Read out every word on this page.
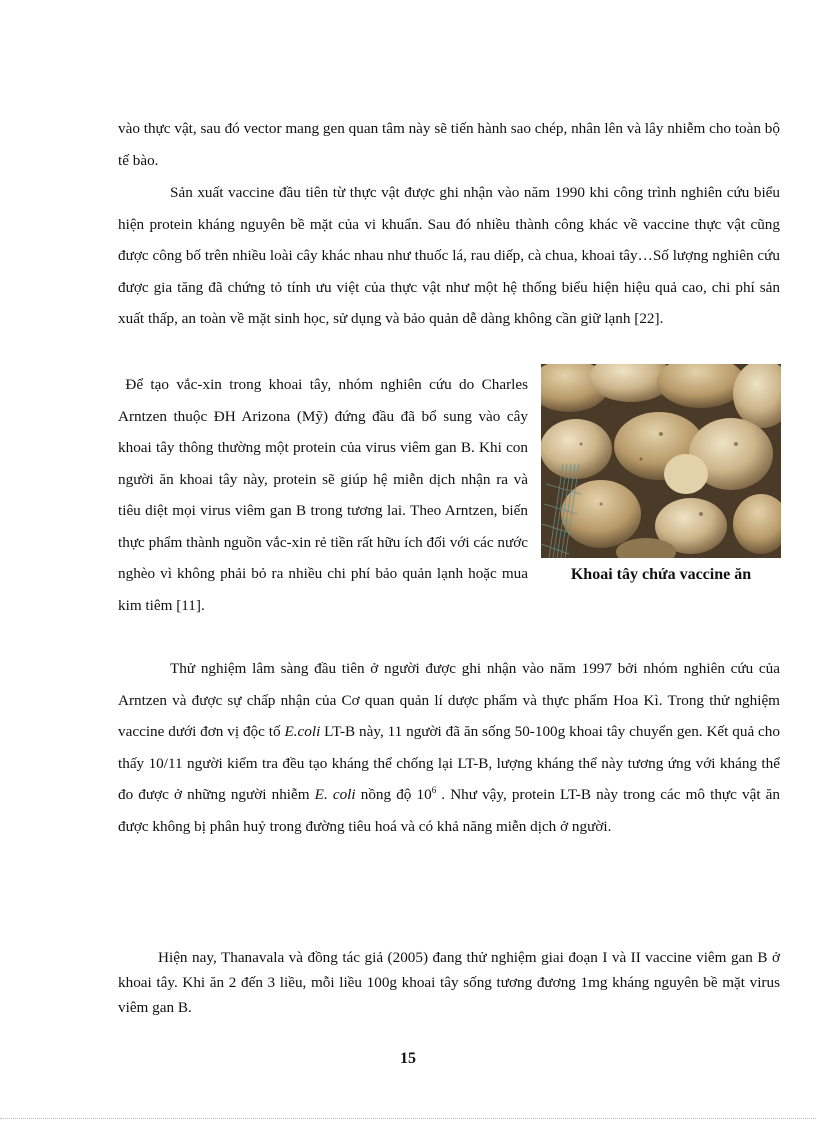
vào thực vật, sau đó vector mang gen quan tâm này sẽ tiến hành sao chép, nhân lên và lây nhiễm cho toàn bộ tế bào.

Sản xuất vaccine đầu tiên từ thực vật được ghi nhận vào năm 1990 khi công trình nghiên cứu biểu hiện protein kháng nguyên bề mặt của vi khuẩn. Sau đó nhiều thành công khác về vaccine thực vật cũng được công bố trên nhiều loài cây khác nhau như thuốc lá, rau diếp, cà chua, khoai tây…Số lượng nghiên cứu được gia tăng đã chứng tỏ tính ưu việt của thực vật như một hệ thống biểu hiện hiệu quả cao, chi phí sản xuất thấp, an toàn về mặt sinh học, sử dụng và bảo quản dễ dàng không cần giữ lạnh [22].

Để tạo vắc-xin trong khoai tây, nhóm nghiên cứu do Charles Arntzen thuộc ĐH Arizona (Mỹ) đứng đầu đã bổ sung vào cây khoai tây thông thường một protein của virus viêm gan B. Khi con người ăn khoai tây này, protein sẽ giúp hệ miễn dịch nhận ra và tiêu diệt mọi virus viêm gan B trong tương lai. Theo Arntzen, biến thực phẩm thành nguồn vắc-xin rẻ tiền rất hữu ích đối với các nước nghèo vì không phải bỏ ra nhiều chi phí bảo quản lạnh hoặc mua kim tiêm [11].

Khoai tây chứa vaccine ăn

Thử nghiệm lâm sàng đầu tiên ở người được ghi nhận vào năm 1997 bởi nhóm nghiên cứu của Arntzen và được sự chấp nhận của Cơ quan quản lí dược phẩm và thực phẩm Hoa Kì. Trong thử nghiệm vaccine dưới đơn vị độc tố E.coli LT-B này, 11 người đã ăn sống 50-100g khoai tây chuyển gen. Kết quả cho thấy 10/11 người kiểm tra đều tạo kháng thể chống lại LT-B, lượng kháng thể này tương ứng với kháng thể đo được ở những người nhiễm E. coli nồng độ $10^6$ . Như vậy, protein LT-B này trong các mô thực vật ăn được không bị phân huỷ trong đường tiêu hoá và có khả năng miễn dịch ở người.

Hiện nay, Thanavala và đồng tác giả (2005) đang thử nghiệm giai đoạn I và II vaccine viêm gan B ở khoai tây. Khi ăn 2 đến 3 liều, mỗi liều 100g khoai tây sống tương đương 1mg kháng nguyên bề mặt virus viêm gan B.

15
